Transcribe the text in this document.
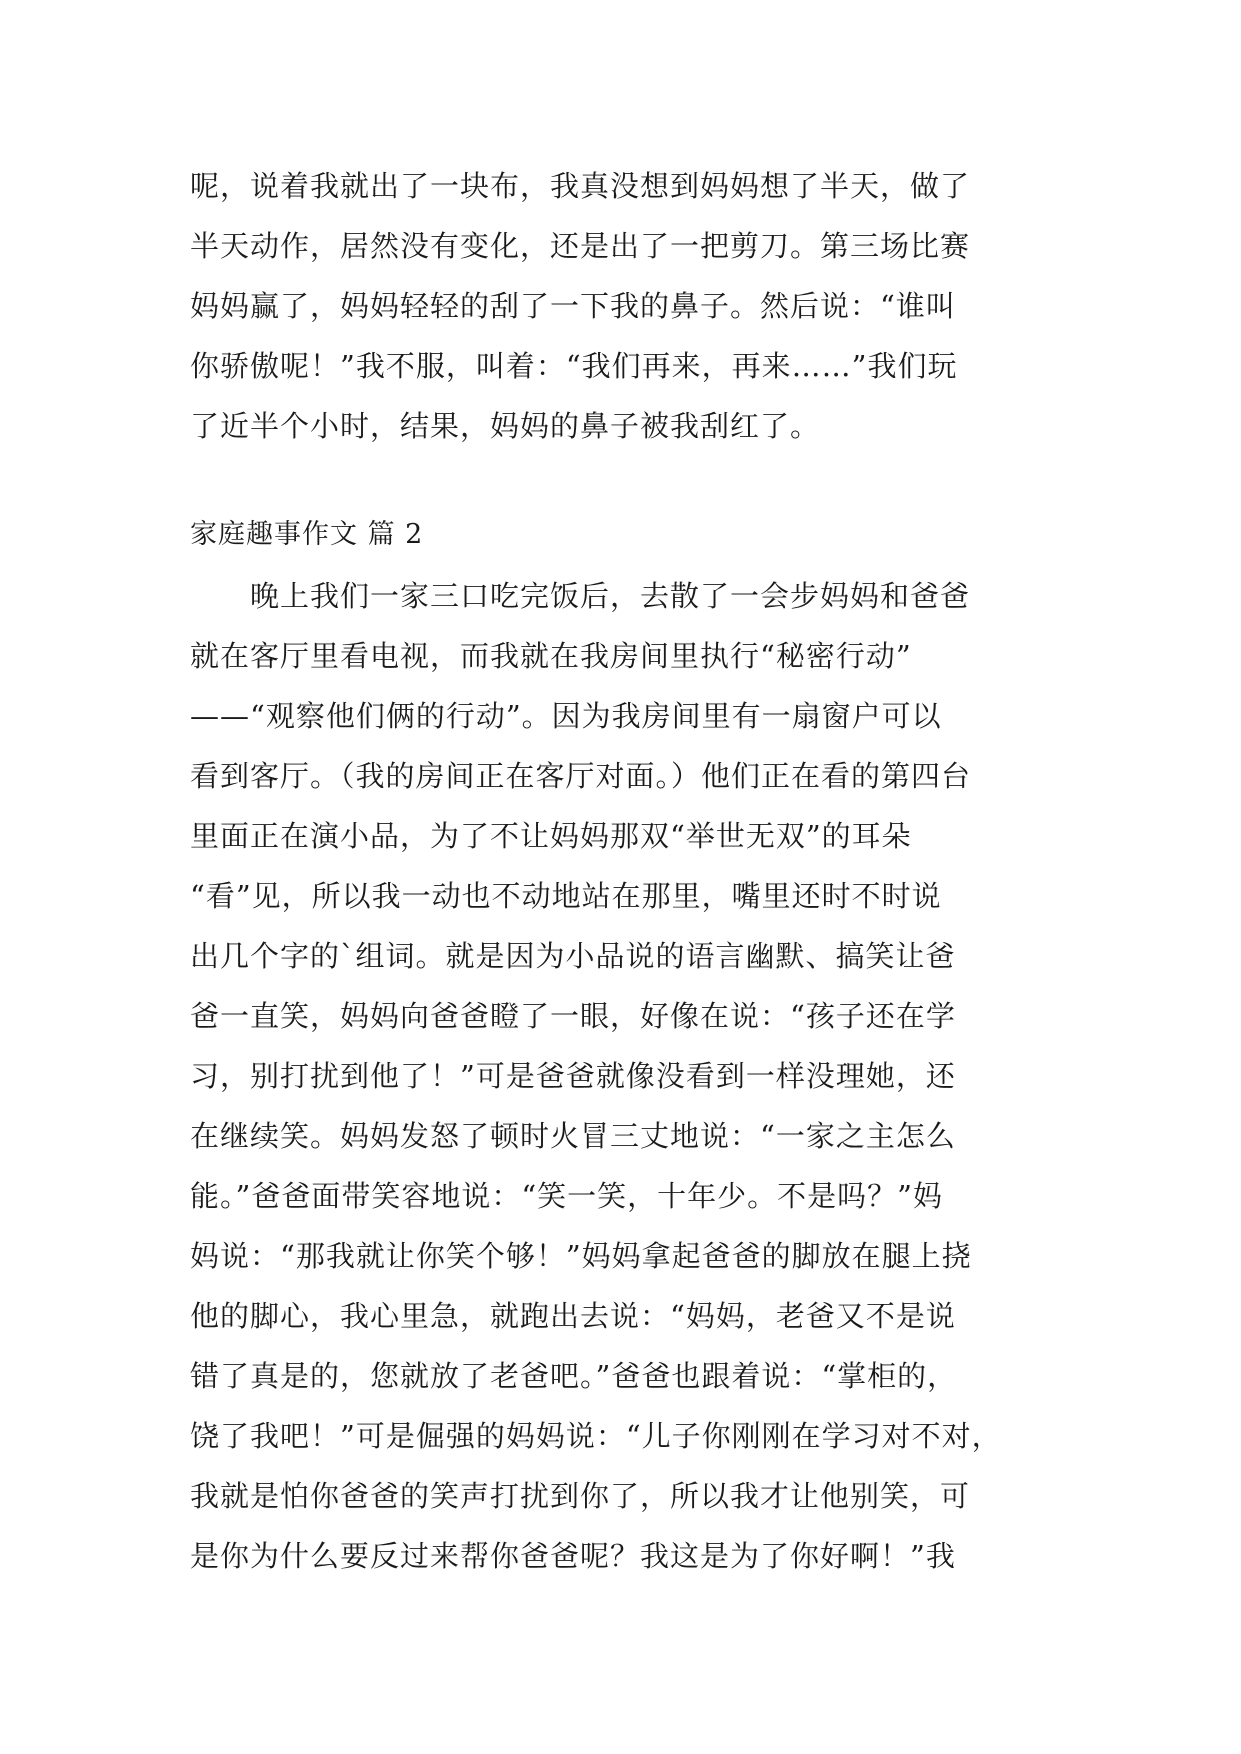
呢，说着我就出了一块布，我真没想到妈妈想了半天，做了
半天动作，居然没有变化，还是出了一把剪刀。第三场比赛
妈妈赢了，妈妈轻轻的刮了一下我的鼻子。然后说：“谁叫
你骄傲呢！”我不服，叫着：“我们再来，再来……”我们玩
了近半个小时，结果，妈妈的鼻子被我刮红了。
家庭趣事作文 篇 2
　　晚上我们一家三口吃完饭后，去散了一会步妈妈和爸爸
就在客厅里看电视，而我就在我房间里执行“秘密行动”
——“观察他们俩的行动”。因为我房间里有一扇窗户可以
看到客厅。（我的房间正在客厅对面。）他们正在看的第四台
里面正在演小品，为了不让妈妈那双“举世无双”的耳朵
“看”见，所以我一动也不动地站在那里，嘴里还时不时说
出几个字的`组词。就是因为小品说的语言幽默、搞笑让爸
爸一直笑，妈妈向爸爸瞪了一眼，好像在说：“孩子还在学
习，别打扰到他了！”可是爸爸就像没看到一样没理她，还
在继续笑。妈妈发怒了顿时火冒三丈地说：“一家之主怎么
能。”爸爸面带笑容地说：“笑一笑，十年少。不是吗？”妈
妈说：“那我就让你笑个够！”妈妈拿起爸爸的脚放在腿上挠
他的脚心，我心里急，就跑出去说：“妈妈，老爸又不是说
错了真是的，您就放了老爸吧。”爸爸也跟着说：“掌柜的，
饶了我吧！”可是倔强的妈妈说：“儿子你刚刚在学习对不对，
我就是怕你爸爸的笑声打扰到你了，所以我才让他别笑，可
是你为什么要反过来帮你爸爸呢？我这是为了你好啊！”我
